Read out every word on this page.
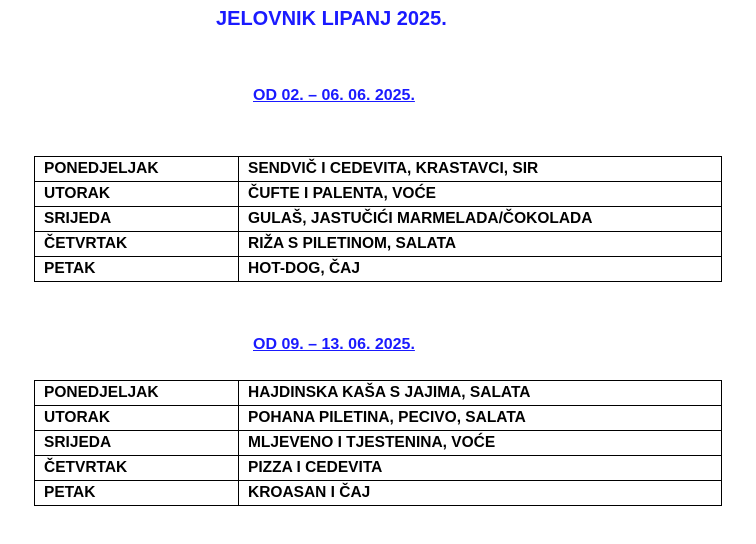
JELOVNIK LIPANJ 2025.
OD 02. – 06. 06. 2025.
PONEDJELJAK	SENDVIČ I CEDEVITA, KRASTAVCI, SIR
UTORAK	ČUFTE I PALENTA, VOĆE
SRIJEDA	GULAŠ, JASTUČIĆI MARMELADA/ČOKOLADA
ČETVRTAK	RIŽA S PILETINOM, SALATA
PETAK	HOT-DOG, ČAJ
OD 09. – 13. 06. 2025.
PONEDJELJAK	HAJDINSKA KAŠA S JAJIMA, SALATA
UTORAK	POHANA PILETINA, PECIVO, SALATA
SRIJEDA	MLJEVENO I TJESTENINA, VOĆE
ČETVRTAK	PIZZA I CEDEVITA
PETAK	KROASAN I ČAJ
